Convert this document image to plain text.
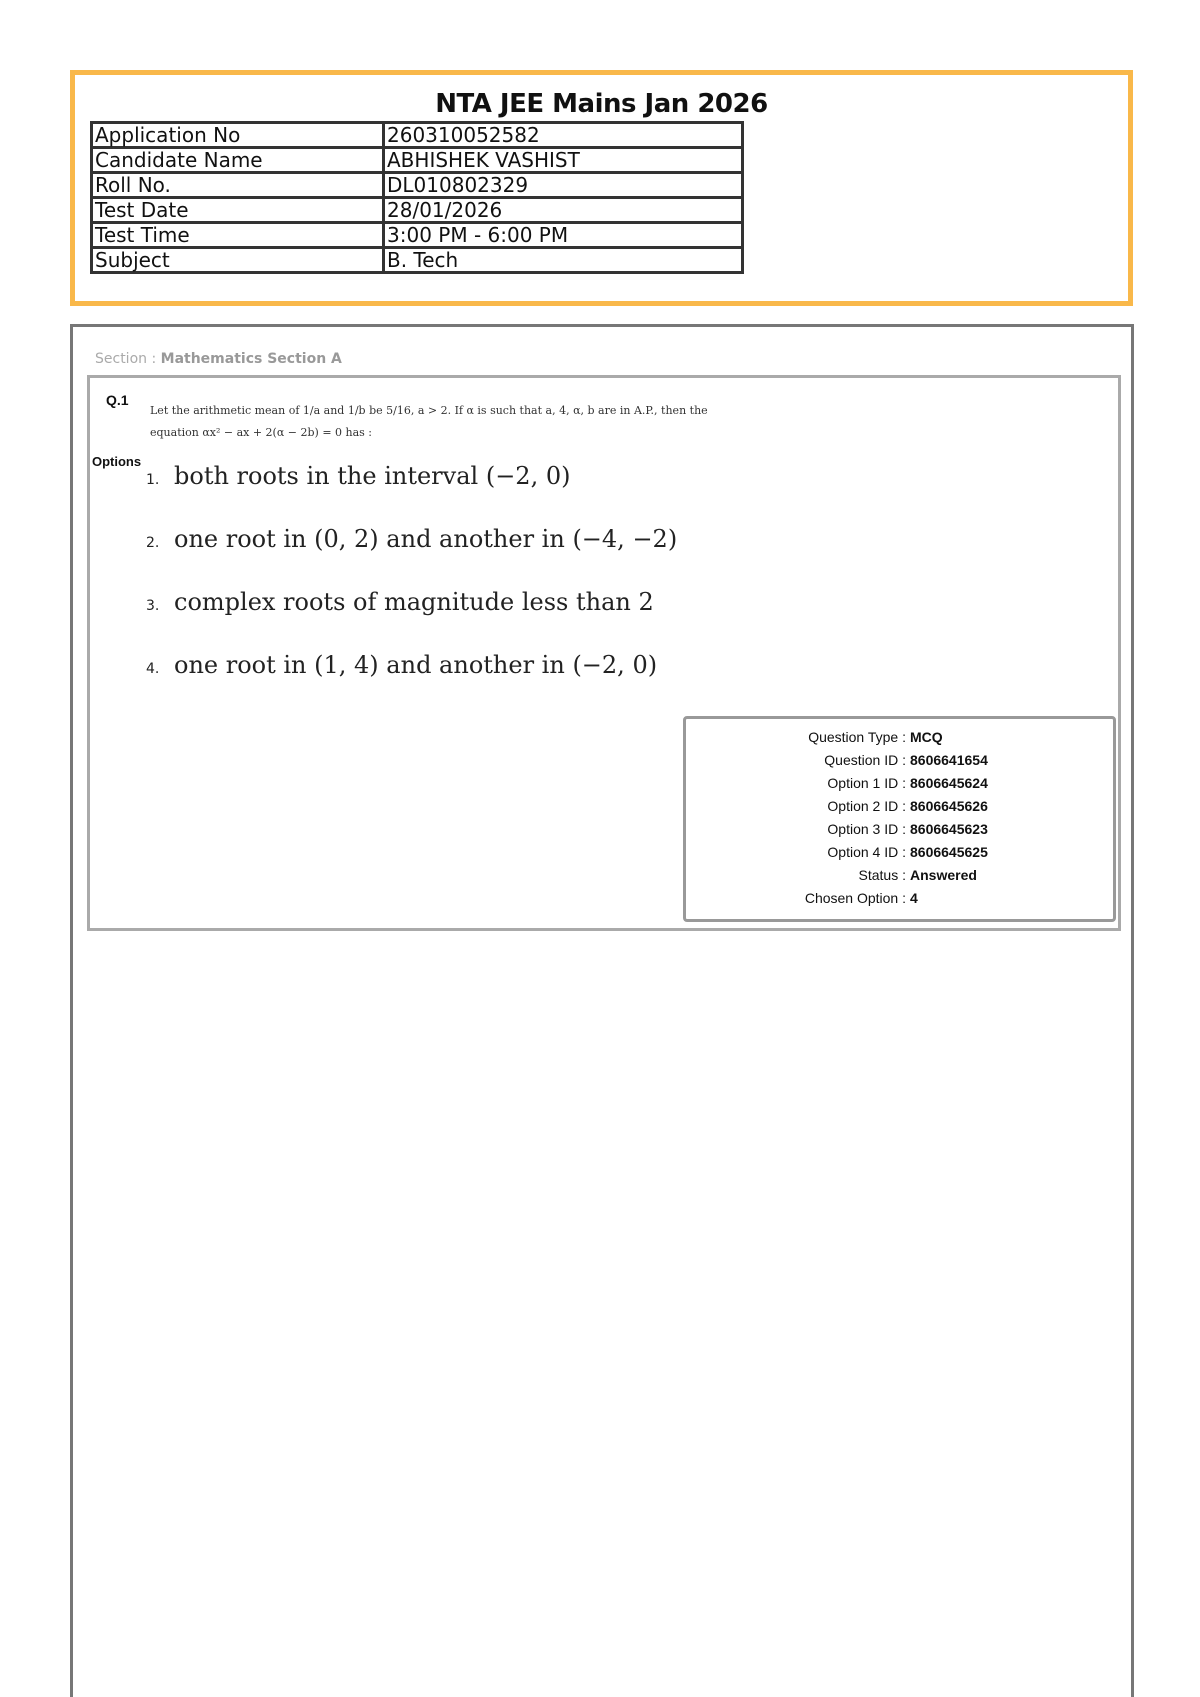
NTA JEE Mains Jan 2026
Application No	260310052582
Candidate Name	ABHISHEK VASHIST
Roll No.	DL010802329
Test Date	28/01/2026
Test Time	3:00 PM - 6:00 PM
Subject	B. Tech
Section : Mathematics Section A
Q.1
Let the arithmetic mean of 1/a and 1/b be 5/16, a > 2. If α is such that a, 4, α, b are in A.P., then the
equation αx² − ax + 2(α − 2b) = 0 has :
Options
1. both roots in the interval (−2, 0)
2. one root in (0, 2) and another in (−4, −2)
3. complex roots of magnitude less than 2
4. one root in (1, 4) and another in (−2, 0)
Question Type : MCQ
Question ID : 8606641654
Option 1 ID : 8606645624
Option 2 ID : 8606645626
Option 3 ID : 8606645623
Option 4 ID : 8606645625
Status : Answered
Chosen Option : 4
